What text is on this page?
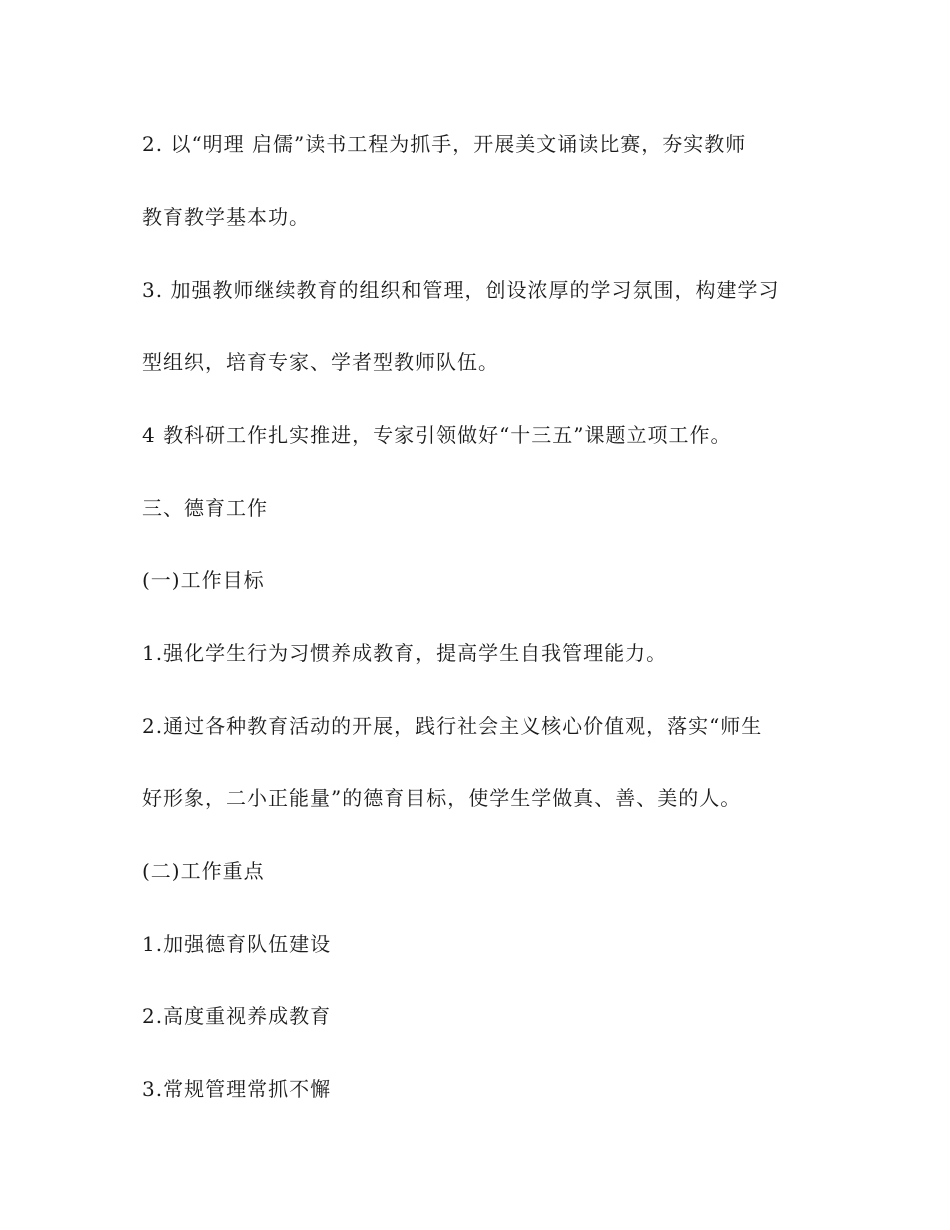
2. 以“明理 启儒”读书工程为抓手，开展美文诵读比赛，夯实教师
教育教学基本功。
3. 加强教师继续教育的组织和管理，创设浓厚的学习氛围，构建学习
型组织，培育专家、学者型教师队伍。
4 教科研工作扎实推进，专家引领做好“十三五”课题立项工作。
三、德育工作
(一)工作目标
1.强化学生行为习惯养成教育，提高学生自我管理能力。
2.通过各种教育活动的开展，践行社会主义核心价值观，落实“师生
好形象，二小正能量”的德育目标，使学生学做真、善、美的人。
(二)工作重点
1.加强德育队伍建设
2.高度重视养成教育
3.常规管理常抓不懈
